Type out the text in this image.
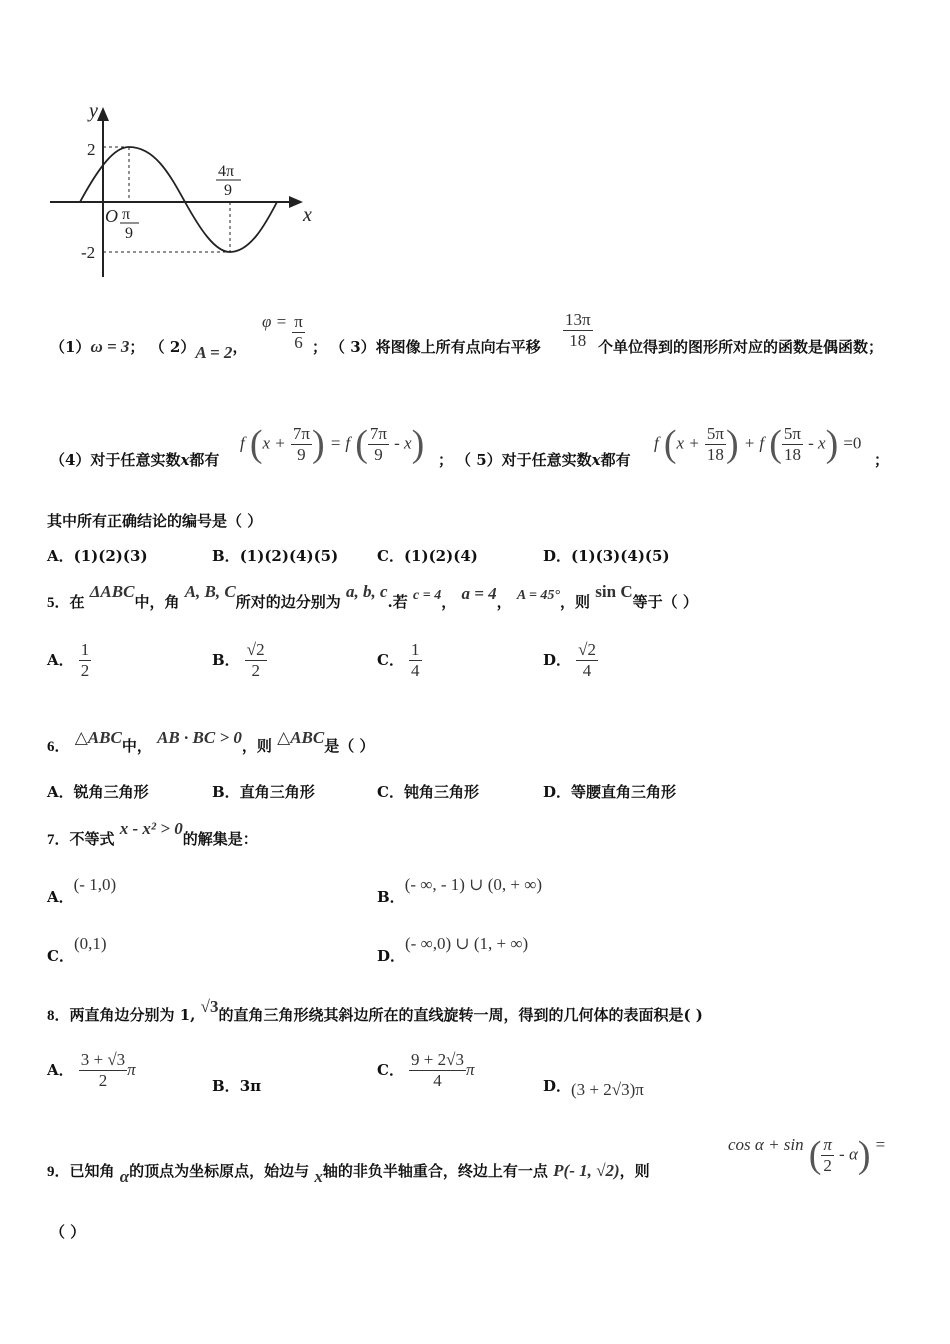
y
x
O
2
-2
π
9
4π
9
（1）ω = 3； （ 2）A = 2，
$\varphi = \frac{\pi}{6}$ ； （ 3）将图像上所有点向右平移 $\frac{13\pi}{18}$ 个单位得到的图形所对应的函数是偶函数；
（4）对于任意实数x都有
f ($x + \frac{7\pi}{9}$ ) = f ( $\frac{7\pi}{9} - x$) ； （ 5）对于任意实数x都有
f ($x + \frac{5\pi}{18}$ ) + f ( $\frac{5\pi}{18} - x) =0$
；
其中所有正确结论的编号是（ ）
A．(1)(2)(3)	B．(1)(2)(4)(5)	C．(1)(2)(4)	D．(1)(3)(4)(5)
5．在 ΔABC中，角 A, B, C所对的边分别为 a, b, c.若 c = 4， a = 4， A = 45°，则 sin C等于（ ）
A． $\frac{1}{2}$	B． $\frac{√2}{2}$	C． $\frac{1}{4}$	D． $\frac{√2}{4}$
6． △ABC中， AB · BC > 0，则 △ABC是（ ）
A．锐角三角形	B．直角三角形	C．钝角三角形	D．等腰直角三角形
7．不等式 x - x² > 0的解集是：
A．(- 1,0)
B．(- ∞, - 1) ∪ (0, + ∞)
C．(0,1)
D．(- ∞,0) ∪ (1, + ∞)
8．两直角边分别为 1, √3的直角三角形绕其斜边所在的直线旋转一周，得到的几何体的表面积是( )
A． $\frac{3 + √3}{2}$ π
B．3π
C． $\frac{9 + 2√3}{4}$ π
D．(3 + 2√3)π
9．已知角 α的顶点为坐标原点，始边与 x轴的非负半轴重合，终边上有一点 P(- 1, √2)，则
cos α + sin ( $\frac{\pi}{2} - \alpha$) =
（ ）
